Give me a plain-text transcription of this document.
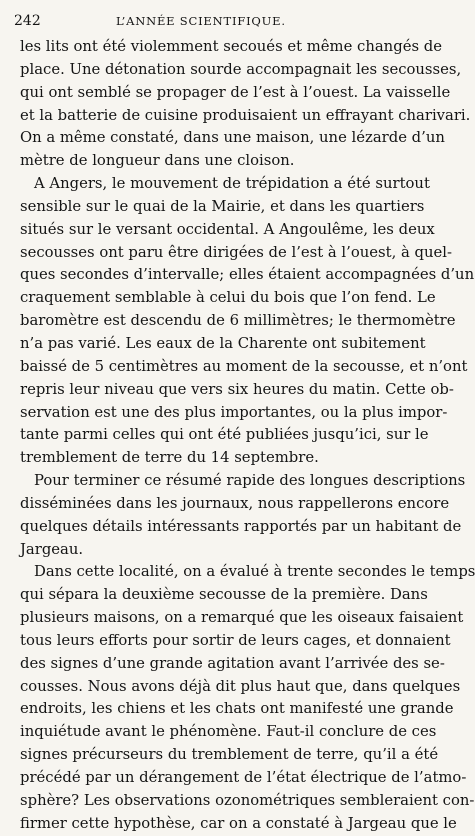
242	L’ANNÉE SCIENTIFIQUE.
les lits ont été violemment secoués et même changés de
place. Une détonation sourde accompagnait les secousses,
qui ont semblé se propager de l’est à l’ouest. La vaisselle
et la batterie de cuisine produisaient un effrayant charivari.
On a même constaté, dans une maison, une lézarde d’un
mètre de longueur dans une cloison.
A Angers, le mouvement de trépidation a été surtout
sensible sur le quai de la Mairie, et dans les quartiers
situés sur le versant occidental. A Angoulême, les deux
secousses ont paru être dirigées de l’est à l’ouest, à quel-
ques secondes d’intervalle; elles étaient accompagnées d’un
craquement semblable à celui du bois que l’on fend. Le
baromètre est descendu de 6 millimètres; le thermomètre
n’a pas varié. Les eaux de la Charente ont subitement
baissé de 5 centimètres au moment de la secousse, et n’ont
repris leur niveau que vers six heures du matin. Cette ob-
servation est une des plus importantes, ou la plus impor-
tante parmi celles qui ont été publiées jusqu’ici, sur le
tremblement de terre du 14 septembre.
Pour terminer ce résumé rapide des longues descriptions
disséminées dans les journaux, nous rappellerons encore
quelques détails intéressants rapportés par un habitant de
Jargeau.
Dans cette localité, on a évalué à trente secondes le temps
qui sépara la deuxième secousse de la première. Dans
plusieurs maisons, on a remarqué que les oiseaux faisaient
tous leurs efforts pour sortir de leurs cages, et donnaient
des signes d’une grande agitation avant l’arrivée des se-
cousses. Nous avons déjà dit plus haut que, dans quelques
endroits, les chiens et les chats ont manifesté une grande
inquiétude avant le phénomène. Faut-il conclure de ces
signes précurseurs du tremblement de terre, qu’il a été
précédé par un dérangement de l’état électrique de l’atmo-
sphère? Les observations ozonométriques sembleraient con-
firmer cette hypothèse, car on a constaté à Jargeau que le
